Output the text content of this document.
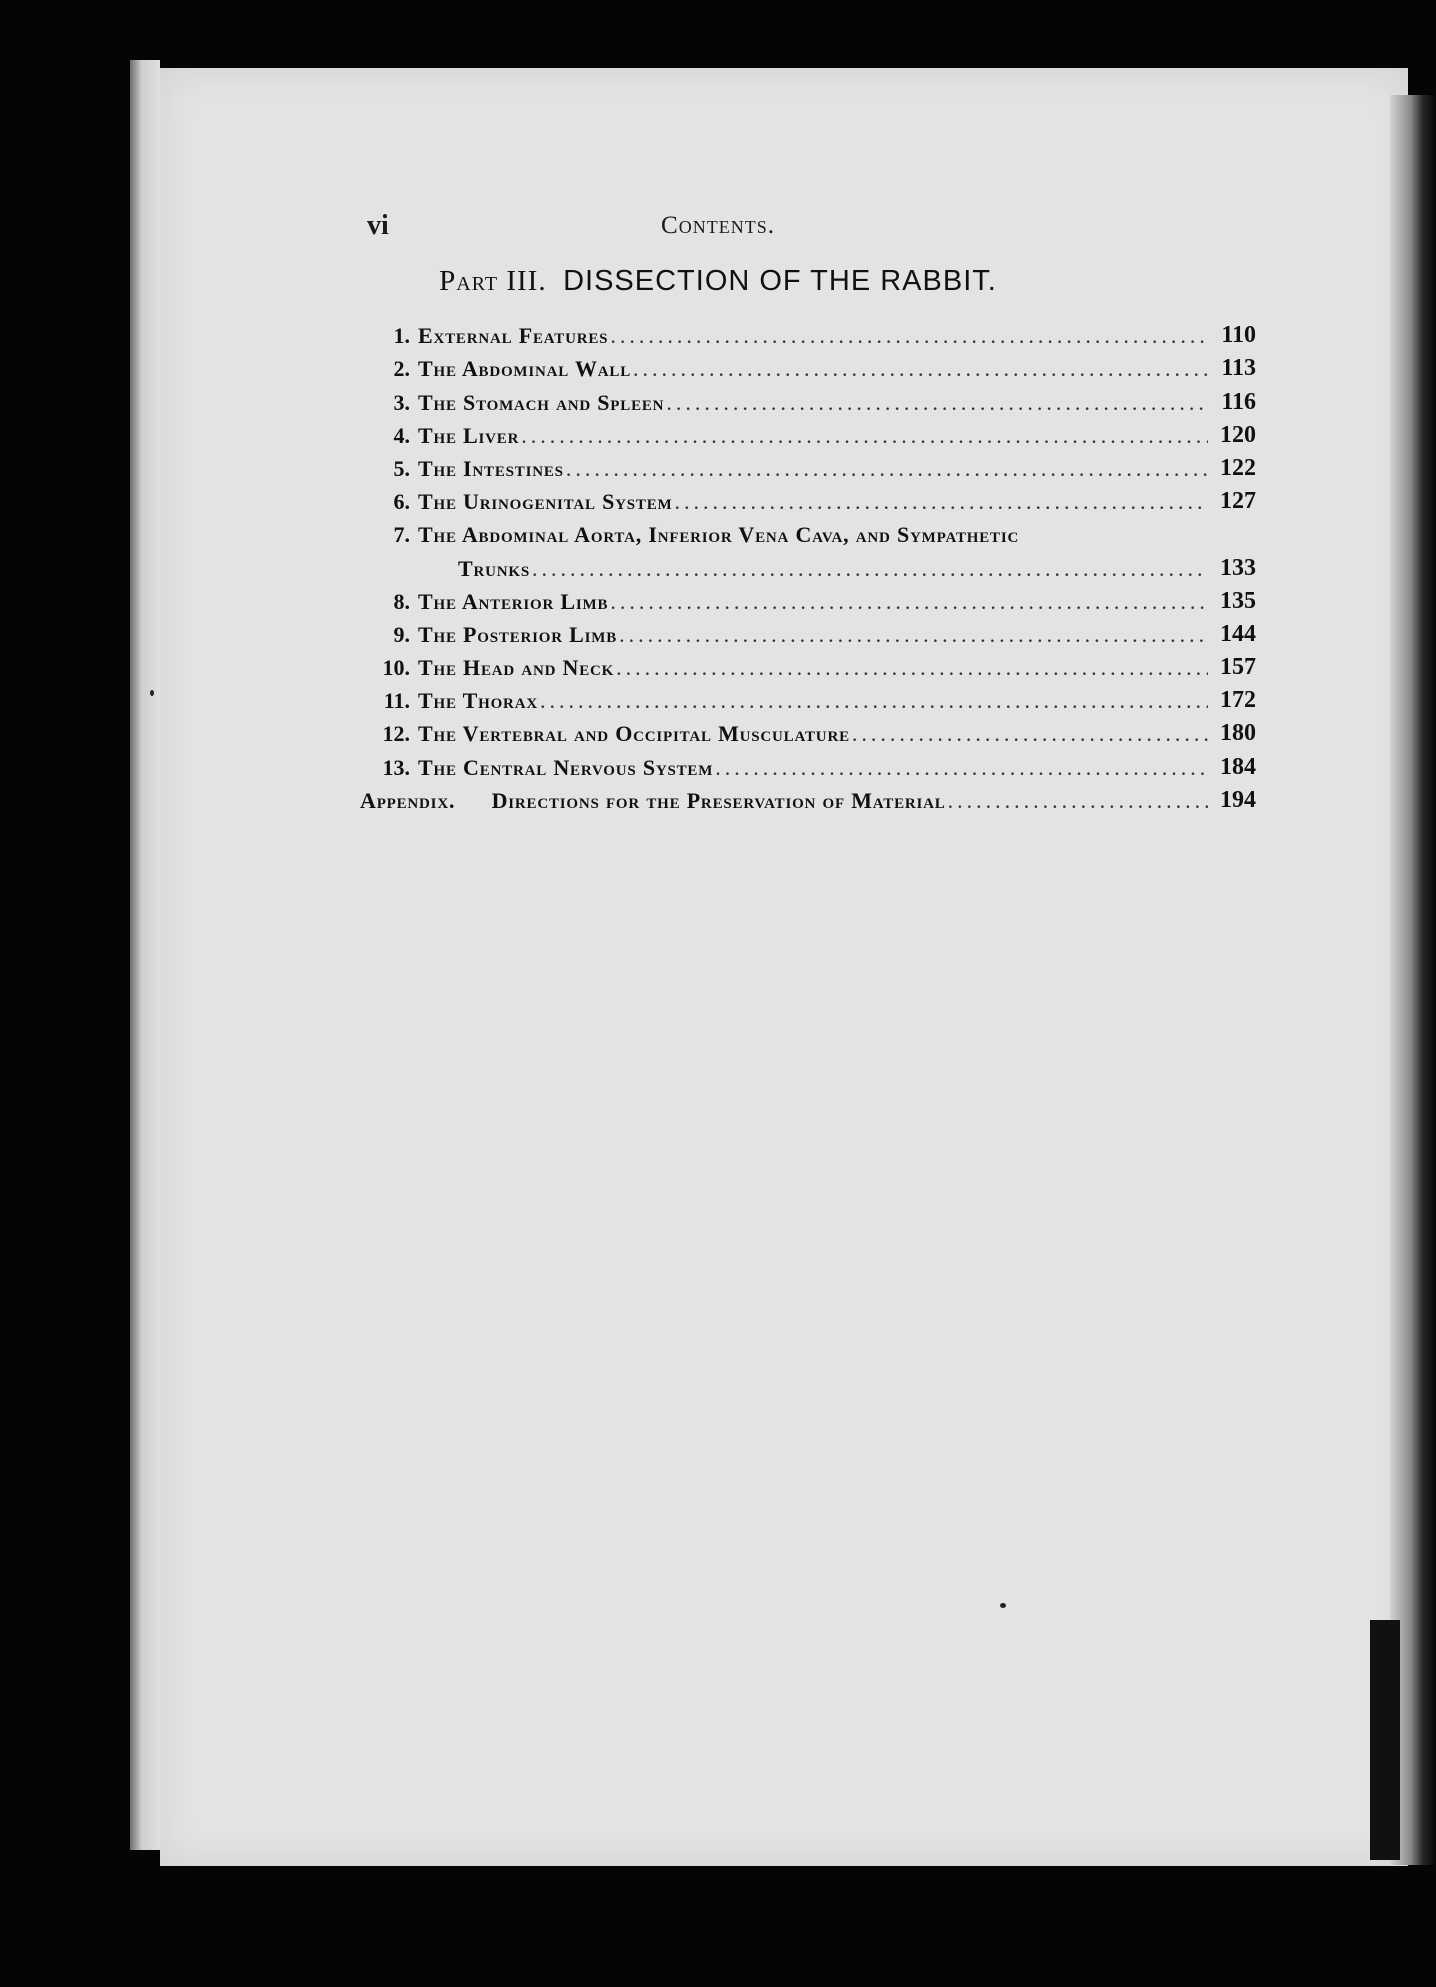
vi	Contents.
Part III. DISSECTION OF THE RABBIT.
1. External Features .....	110
2. The Abdominal Wall .....	113
3. The Stomach and Spleen .....	116
4. The Liver .....	120
5. The Intestines .....	122
6. The Urinogenital System .....	127
7. The Abdominal Aorta, Inferior Vena Cava, and Sympathetic
Trunks .....	133
8. The Anterior Limb .....	135
9. The Posterior Limb .....	144
10. The Head and Neck .....	157
11. The Thorax .....	172
12. The Vertebral and Occipital Musculature .....	180
13. The Central Nervous System .....	184
Appendix. Directions for the Preservation of Material .....	194
